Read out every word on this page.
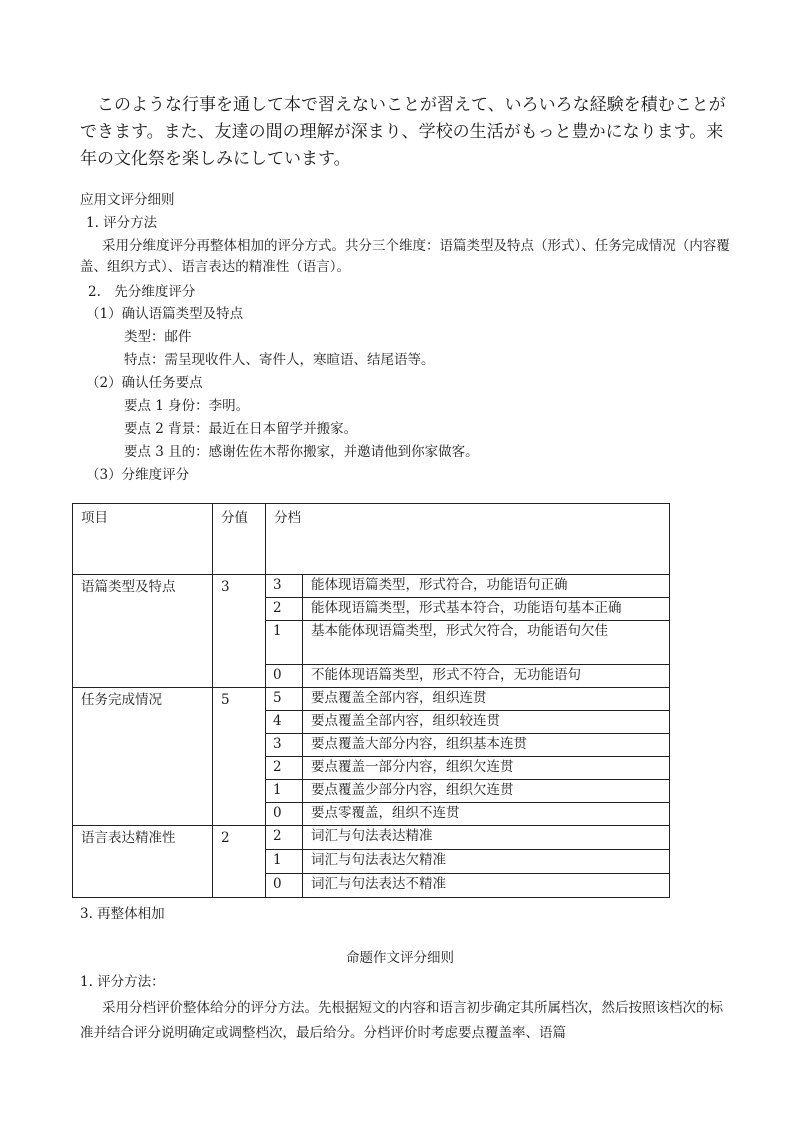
　このような行事を通して本で習えないことが習えて、いろいろな経験を積むことができます。また、友達の間の理解が深まり、学校の生活がもっと豊かになります。来年の文化祭を楽しみにしています。
应用文评分细则
1. 评分方法
采用分维度评分再整体相加的评分方式。共分三个维度：语篇类型及特点（形式）、任务完成情况（内容覆盖、组织方式）、语言表达的精准性（语言）。
2.　先分维度评分
（1）确认语篇类型及特点
类型：邮件
特点：需呈现收件人、寄件人，寒暄语、结尾语等。
（2）确认任务要点
要点 1 身份：李明。
要点 2 背景：最近在日本留学并搬家。
要点 3 且的：感谢佐佐木帮你搬家，并邀请他到你家做客。
（3）分维度评分
项目	分值	分档	
语篇类型及特点	3	3	能体现语篇类型，形式符合，功能语句正确
		2	能体现语篇类型，形式基本符合，功能语句基本正确
		1	基本能体现语篇类型，形式欠符合，功能语句欠佳

		0	不能体现语篇类型，形式不符合，无功能语句
任务完成情况	5	5	要点覆盖全部内容，组织连贯
		4	要点覆盖全部内容，组织较连贯
		3	要点覆盖大部分内容，组织基本连贯
		2	要点覆盖一部分内容，组织欠连贯
		1	要点覆盖少部分内容，组织欠连贯
		0	要点零覆盖，组织不连贯
语言表达精准性	2	2	词汇与句法表达精准
		1	词汇与句法表达欠精准
		0	词汇与句法表达不精准
3. 再整体相加
命题作文评分细则
1. 评分方法：
采用分档评价整体给分的评分方法。先根据短文的内容和语言初步确定其所属档次，然后按照该档次的标准并结合评分说明确定或调整档次，最后给分。分档评价时考虑要点覆盖率、语篇
